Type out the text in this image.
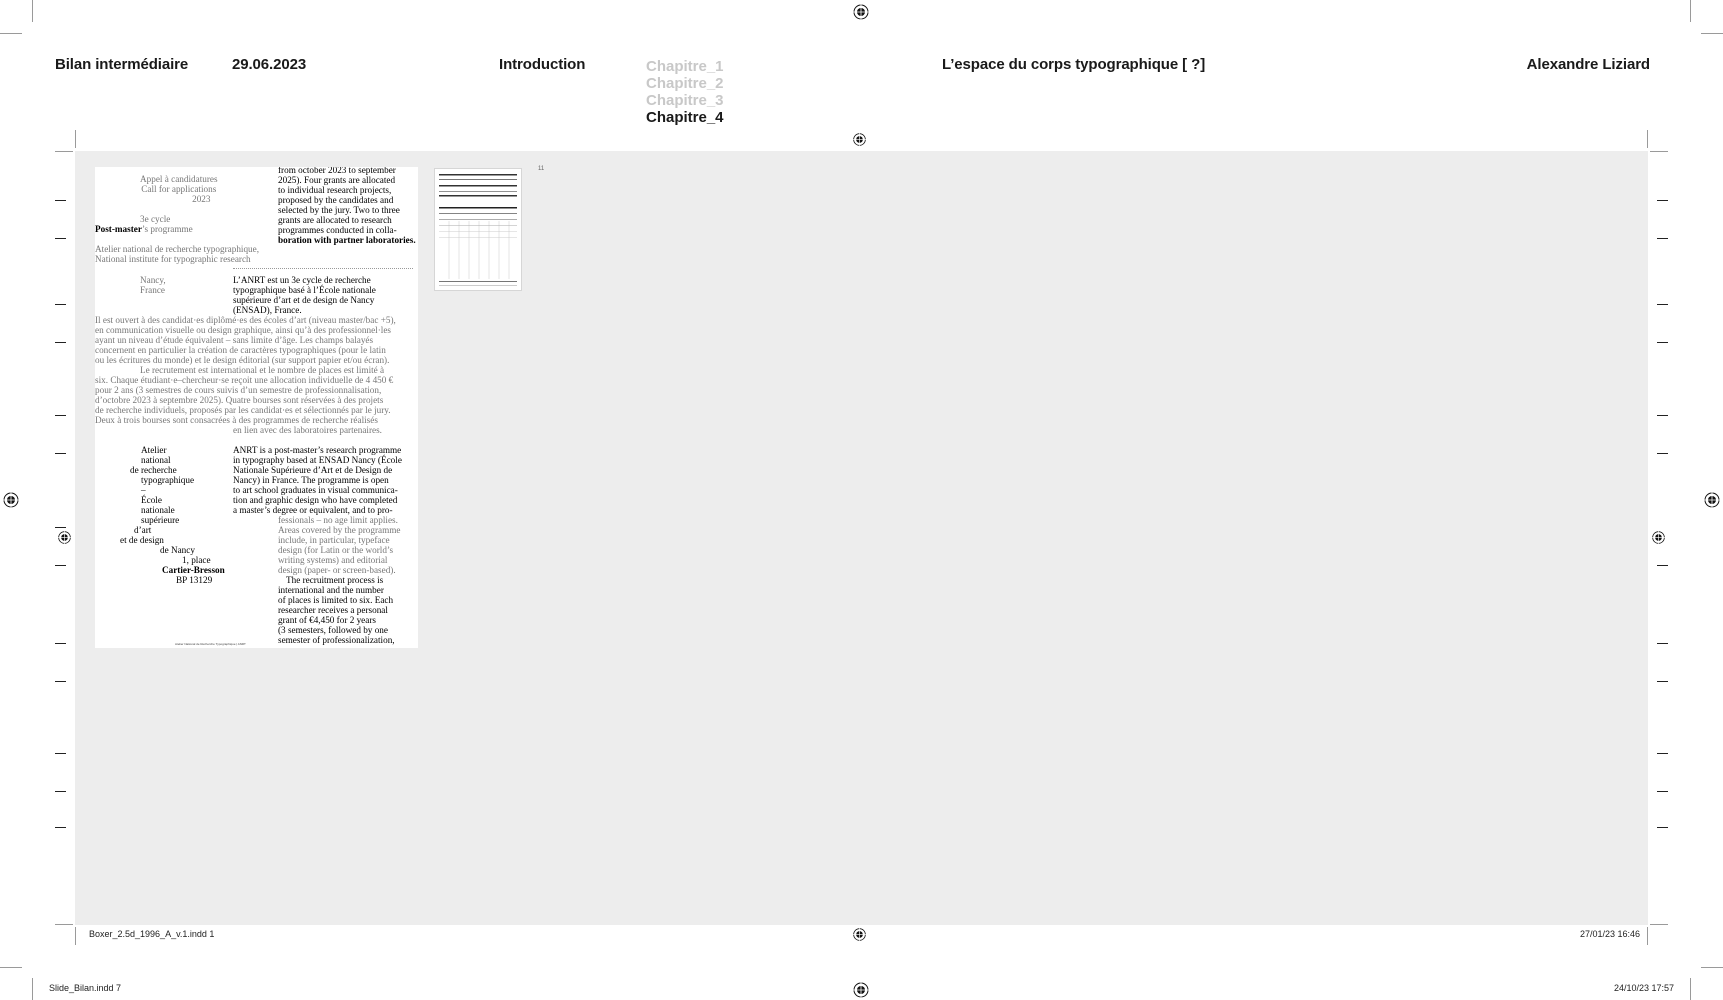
Bilan intermédiaire	29.06.2023	Introduction	Chapitre_1
Chapitre_2
Chapitre_3
Chapitre_4
L’espace du corps typographique [ ?]	Alexandre Liziard
Appel à candidatures
Call for applications
2023
3e cycle
Post-master’s programme
Atelier national de recherche typographique,
National institute for typographic research
Nancy,
France
from october 2023 to september
2025). Four grants are allocated
to individual research projects,
proposed by the candidates and
selected by the jury. Two to three
grants are allocated to research
programmes conducted in colla-
boration with partner laboratories.
L’ANRT est un 3e cycle de recherche
typographique basé à l’École nationale
supérieure d’art et de design de Nancy
(ENSAD), France.
Il est ouvert à des candidat·es diplômé·es des écoles d’art (niveau master/bac +5),
en communication visuelle ou design graphique, ainsi qu’à des professionnel·les
ayant un niveau d’étude équivalent – sans limite d’âge. Les champs balayés
concernent en particulier la création de caractères typographiques (pour le latin
ou les écritures du monde) et le design éditorial (sur support papier et/ou écran).
Le recrutement est international et le nombre de places est limité à
six. Chaque étudiant·e–chercheur·se reçoit une allocation individuelle de 4 450 €
pour 2 ans (3 semestres de cours suivis d’un semestre de professionnalisation,
d’octobre 2023 à septembre 2025). Quatre bourses sont réservées à des projets
de recherche individuels, proposés par les candidat·es et sélectionnés par le jury.
Deux à trois bourses sont consacrées à des programmes de recherche réalisés
en lien avec des laboratoires partenaires.
Atelier
national
de recherche
typographique
–
École
nationale
supérieure
d’art
et de design
de Nancy
1, place
Cartier-Bresson
BP 13129
ANRT is a post-master’s research programme
in typography based at ENSAD Nancy (École
Nationale Supérieure d’Art et de Design de
Nancy) in France. The programme is open
to art school graduates in visual communica-
tion and graphic design who have completed
a master’s degree or equivalent, and to pro-
fessionals – no age limit applies.
Areas covered by the programme
include, in particular, typeface
design (for Latin or the world’s
writing systems) and editorial
design (paper- or screen-based).
The recruitment process is
international and the number
of places is limited to six. Each
researcher receives a personal
grant of €4,450 for 2 years
(3 semesters, followed by one
semester of professionalization,
Atelier National de Recherche Typographique | ANRT
11
Boxer_2.5d_1996_A_v.1.indd 1	27/01/23 16:46
Slide_Bilan.indd 7	24/10/23 17:57
